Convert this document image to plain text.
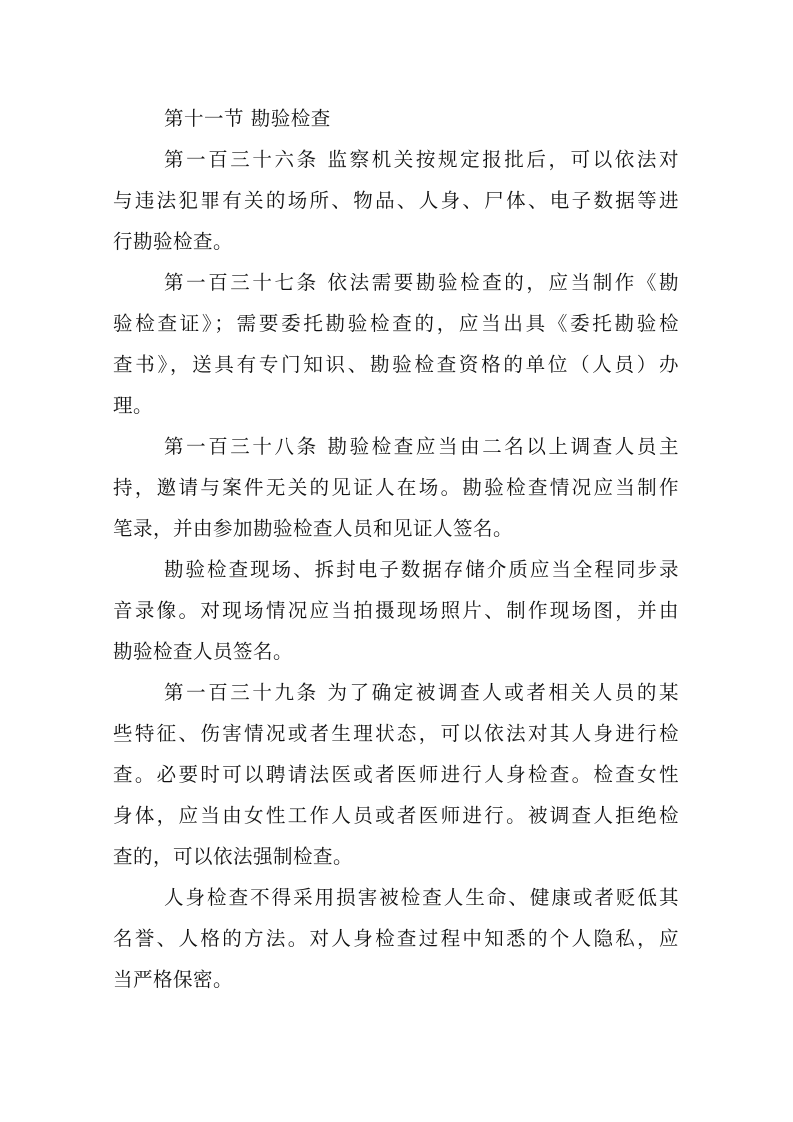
第十一节 勘验检查
第一百三十六条 监察机关按规定报批后，可以依法对
与违法犯罪有关的场所、物品、人身、尸体、电子数据等进
行勘验检查。
第一百三十七条 依法需要勘验检查的，应当制作《勘
验检查证》；需要委托勘验检查的，应当出具《委托勘验检
查书》，送具有专门知识、勘验检查资格的单位（人员）办
理。
第一百三十八条 勘验检查应当由二名以上调查人员主
持，邀请与案件无关的见证人在场。勘验检查情况应当制作
笔录，并由参加勘验检查人员和见证人签名。
勘验检查现场、拆封电子数据存储介质应当全程同步录
音录像。对现场情况应当拍摄现场照片、制作现场图，并由
勘验检查人员签名。
第一百三十九条 为了确定被调查人或者相关人员的某
些特征、伤害情况或者生理状态，可以依法对其人身进行检
查。必要时可以聘请法医或者医师进行人身检查。检查女性
身体，应当由女性工作人员或者医师进行。被调查人拒绝检
查的，可以依法强制检查。
人身检查不得采用损害被检查人生命、健康或者贬低其
名誉、人格的方法。对人身检查过程中知悉的个人隐私，应
当严格保密。
